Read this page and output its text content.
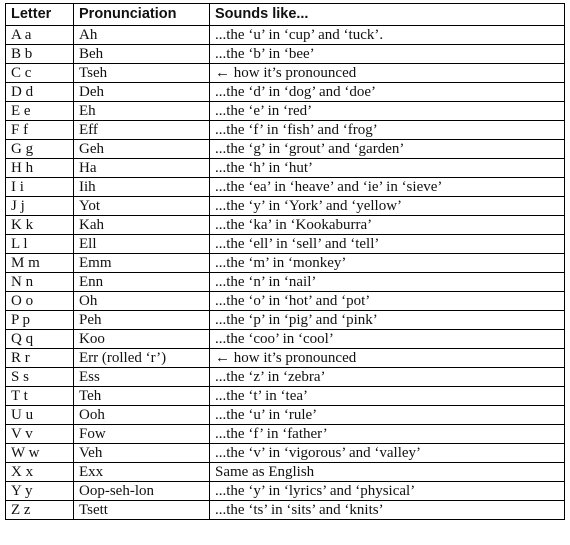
Letter	Pronunciation	Sounds like...
A a	Ah	...the ‘u’ in ‘cup’ and ‘tuck’.
B b	Beh	...the ‘b’ in ‘bee’
C c	Tseh	← how it’s pronounced
D d	Deh	...the ‘d’ in ‘dog’ and ‘doe’
E e	Eh	...the ‘e’ in ‘red’
F f	Eff	...the ‘f’ in ‘fish’ and ‘frog’
G g	Geh	...the ‘g’ in ‘grout’ and ‘garden’
H h	Ha	...the ‘h’ in ‘hut’
I i	Iih	...the ‘ea’ in ‘heave’ and ‘ie’ in ‘sieve’
J j	Yot	...the ‘y’ in ‘York’ and ‘yellow’
K k	Kah	...the ‘ka’ in ‘Kookaburra’
L l	Ell	...the ‘ell’ in ‘sell’ and ‘tell’
M m	Emm	...the ‘m’ in ‘monkey’
N n	Enn	...the ‘n’ in ‘nail’
O o	Oh	...the ‘o’ in ‘hot’ and ‘pot’
P p	Peh	...the ‘p’ in ‘pig’ and ‘pink’
Q q	Koo	...the ‘coo’ in ‘cool’
R r	Err (rolled ‘r’)	← how it’s pronounced
S s	Ess	...the ‘z’ in ‘zebra’
T t	Teh	...the ‘t’ in ‘tea’
U u	Ooh	...the ‘u’ in ‘rule’
V v	Fow	...the ‘f’ in ‘father’
W w	Veh	...the ‘v’ in ‘vigorous’ and ‘valley’
X x	Exx	Same as English
Y y	Oop-seh-lon	...the ‘y’ in ‘lyrics’ and ‘physical’
Z z	Tsett	...the ‘ts’ in ‘sits’ and ‘knits’
